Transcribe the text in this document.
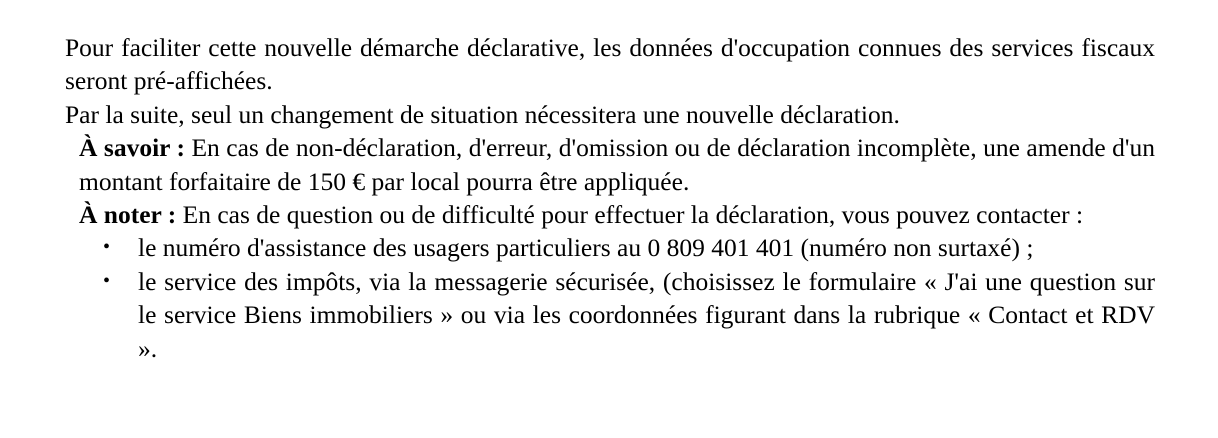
Pour faciliter cette nouvelle démarche déclarative, les données d'occupation connues des services fiscaux seront pré-affichées.

Par la suite, seul un changement de situation nécessitera une nouvelle déclaration.

À savoir : En cas de non-déclaration, d'erreur, d'omission ou de déclaration incomplète, une amende d'un montant forfaitaire de 150 € par local pourra être appliquée.

À noter : En cas de question ou de difficulté pour effectuer la déclaration, vous pouvez contacter :

• le numéro d'assistance des usagers particuliers au 0 809 401 401 (numéro non surtaxé) ;
• le service des impôts, via la messagerie sécurisée, (choisissez le formulaire « J'ai une question sur le service Biens immobiliers » ou via les coordonnées figurant dans la rubrique « Contact et RDV ».
